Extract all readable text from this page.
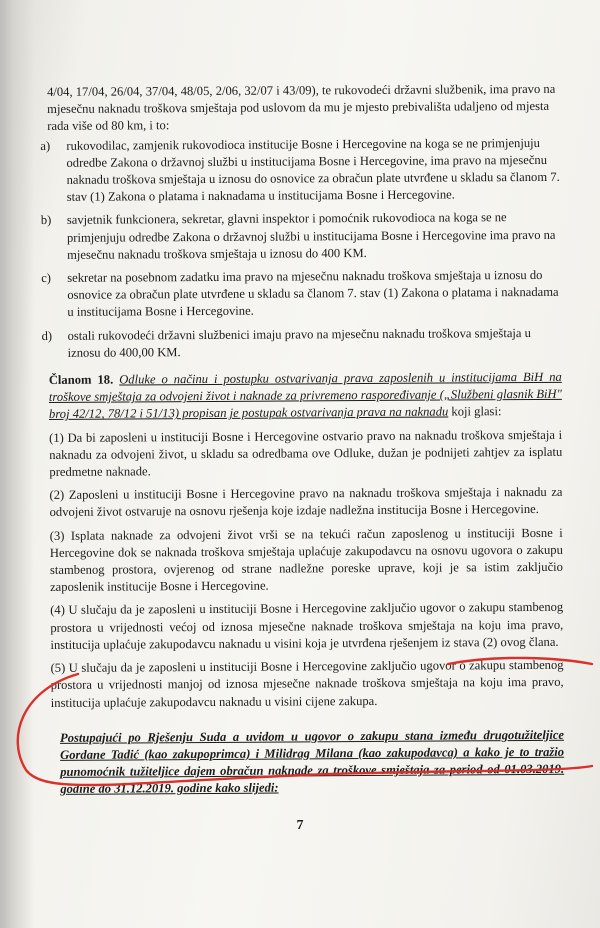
4/04, 17/04, 26/04, 37/04, 48/05, 2/06, 32/07 i 43/09), te rukovodeći državni službenik, ima pravo na mjesečnu naknadu troškova smještaja pod uslovom da mu je mjesto prebivališta udaljeno od mjesta rada više od 80 km, i to:
a) rukovodilac, zamjenik rukovodioca institucije Bosne i Hercegovine na koga se ne primjenjuju odredbe Zakona o državnoj službi u institucijama Bosne i Hercegovine, ima pravo na mjesečnu naknadu troškova smještaja u iznosu do osnovice za obračun plate utvrđene u skladu sa članom 7. stav (1) Zakona o platama i naknadama u institucijama Bosne i Hercegovine.
b) savjetnik funkcionera, sekretar, glavni inspektor i pomoćnik rukovodioca na koga se ne primjenjuju odredbe Zakona o državnoj službi u institucijama Bosne i Hercegovine ima pravo na mjesečnu naknadu troškova smještaja u iznosu do 400 KM.
c) sekretar na posebnom zadatku ima pravo na mjesečnu naknadu troškova smještaja u iznosu do osnovice za obračun plate utvrđene u skladu sa članom 7. stav (1) Zakona o platama i naknadama u institucijama Bosne i Hercegovine.
d) ostali rukovodeći državni službenici imaju pravo na mjesečnu naknadu troškova smještaja u iznosu do 400,00 KM.
Članom 18. Odluke o načinu i postupku ostvarivanja prava zaposlenih u institucijama BiH na troškove smještaja za odvojeni život i naknade za privremeno raspoređivanje („Službeni glasnik BiH" broj 42/12, 78/12 i 51/13) propisan je postupak ostvarivanja prava na naknadu koji glasi:
(1) Da bi zaposleni u instituciji Bosne i Hercegovine ostvario pravo na naknadu troškova smještaja i naknadu za odvojeni život, u skladu sa odredbama ove Odluke, dužan je podnijeti zahtjev za isplatu predmetne naknade.
(2) Zaposleni u instituciji Bosne i Hercegovine pravo na naknadu troškova smještaja i naknadu za odvojeni život ostvaruje na osnovu rješenja koje izdaje nadležna institucija Bosne i Hercegovine.
(3) Isplata naknade za odvojeni život vrši se na tekući račun zaposlenog u instituciji Bosne i Hercegovine dok se naknada troškova smještaja uplaćuje zakupodavcu na osnovu ugovora o zakupu stambenog prostora, ovjerenog od strane nadležne poreske uprave, koji je sa istim zaključio zaposlenik institucije Bosne i Hercegovine.
(4) U slučaju da je zaposleni u instituciji Bosne i Hercegovine zaključio ugovor o zakupu stambenog prostora u vrijednosti većoj od iznosa mjesečne naknade troškova smještaja na koju ima pravo, institucija uplaćuje zakupodavcu naknadu u visini koja je utvrđena rješenjem iz stava (2) ovog člana.
(5) U slučaju da je zaposleni u instituciji Bosne i Hercegovine zaključio ugovor o zakupu stambenog prostora u vrijednosti manjoj od iznosa mjesečne naknade troškova smještaja na koju ima pravo, institucija uplaćuje zakupodavcu naknadu u visini cijene zakupa.
Postupajući po Rješenju Suda a uvidom u ugovor o zakupu stana između drugotužiteljice Gordane Tadić (kao zakupoprimca) i Milidrag Milana (kao zakupodavca) a kako je to tražio punomoćnik tužiteljice dajem obračun naknade za troškove smještaja za period od 01.03.2019. godine do 31.12.2019. godine kako slijedi:
7
